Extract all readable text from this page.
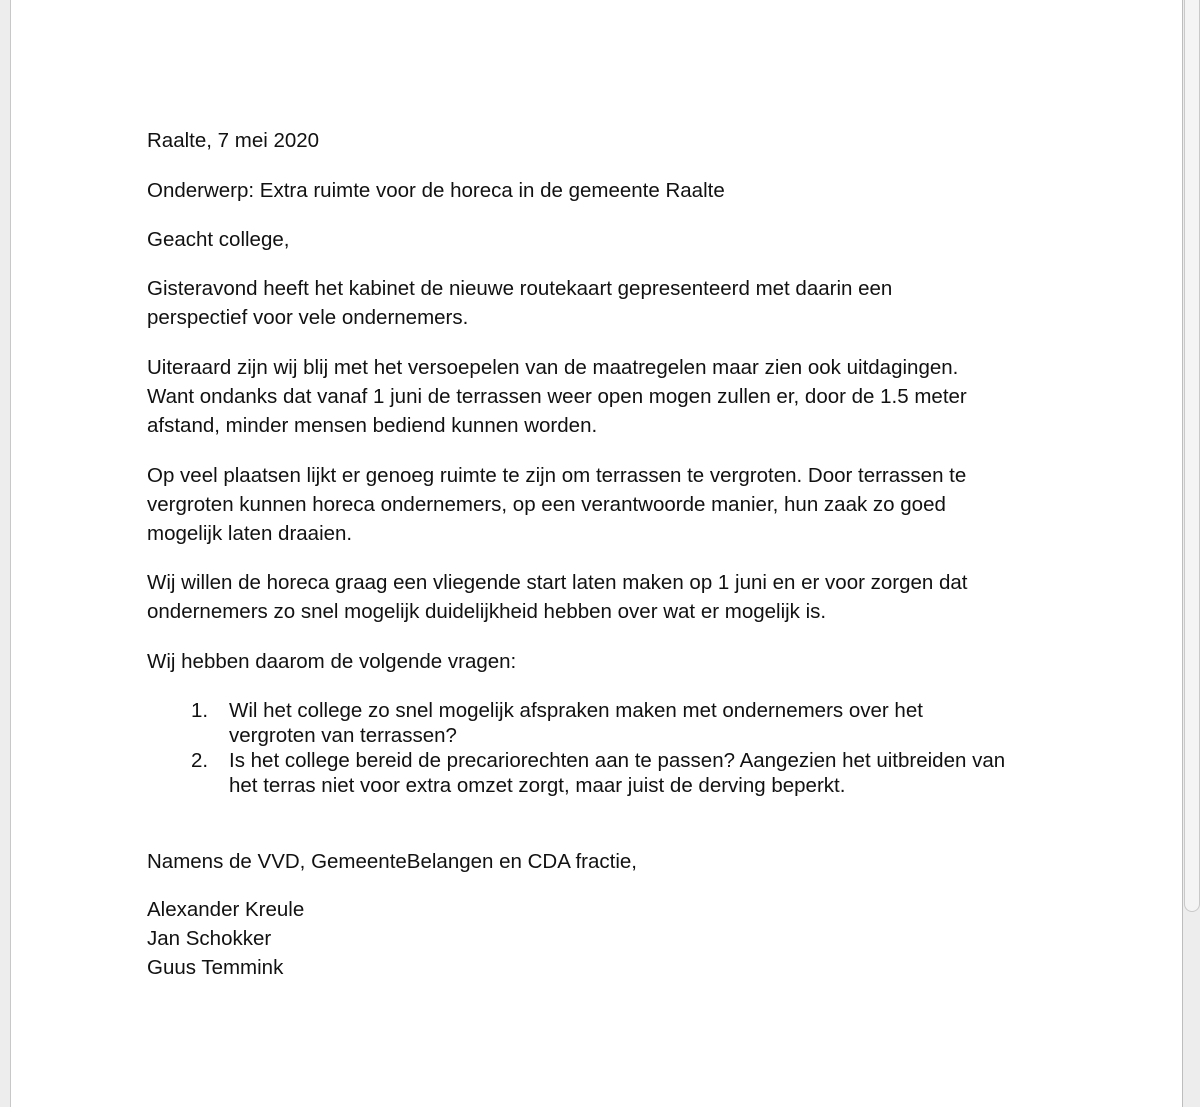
Raalte, 7 mei 2020
Onderwerp: Extra ruimte voor de horeca in de gemeente Raalte
Geacht college,
Gisteravond heeft het kabinet de nieuwe routekaart gepresenteerd met daarin een
perspectief voor vele ondernemers.
Uiteraard zijn wij blij met het versoepelen van de maatregelen maar zien ook uitdagingen.
Want ondanks dat vanaf 1 juni de terrassen weer open mogen zullen er, door de 1.5 meter
afstand, minder mensen bediend kunnen worden.
Op veel plaatsen lijkt er genoeg ruimte te zijn om terrassen te vergroten. Door terrassen te
vergroten kunnen horeca ondernemers, op een verantwoorde manier, hun zaak zo goed
mogelijk laten draaien.
Wij willen de horeca graag een vliegende start laten maken op 1 juni en er voor zorgen dat
ondernemers zo snel mogelijk duidelijkheid hebben over wat er mogelijk is.
Wij hebben daarom de volgende vragen:
1. Wil het college zo snel mogelijk afspraken maken met ondernemers over het
vergroten van terrassen?
2. Is het college bereid de precariorechten aan te passen? Aangezien het uitbreiden van
het terras niet voor extra omzet zorgt, maar juist de derving beperkt.
Namens de VVD, GemeenteBelangen en CDA fractie,
Alexander Kreule
Jan Schokker
Guus Temmink
